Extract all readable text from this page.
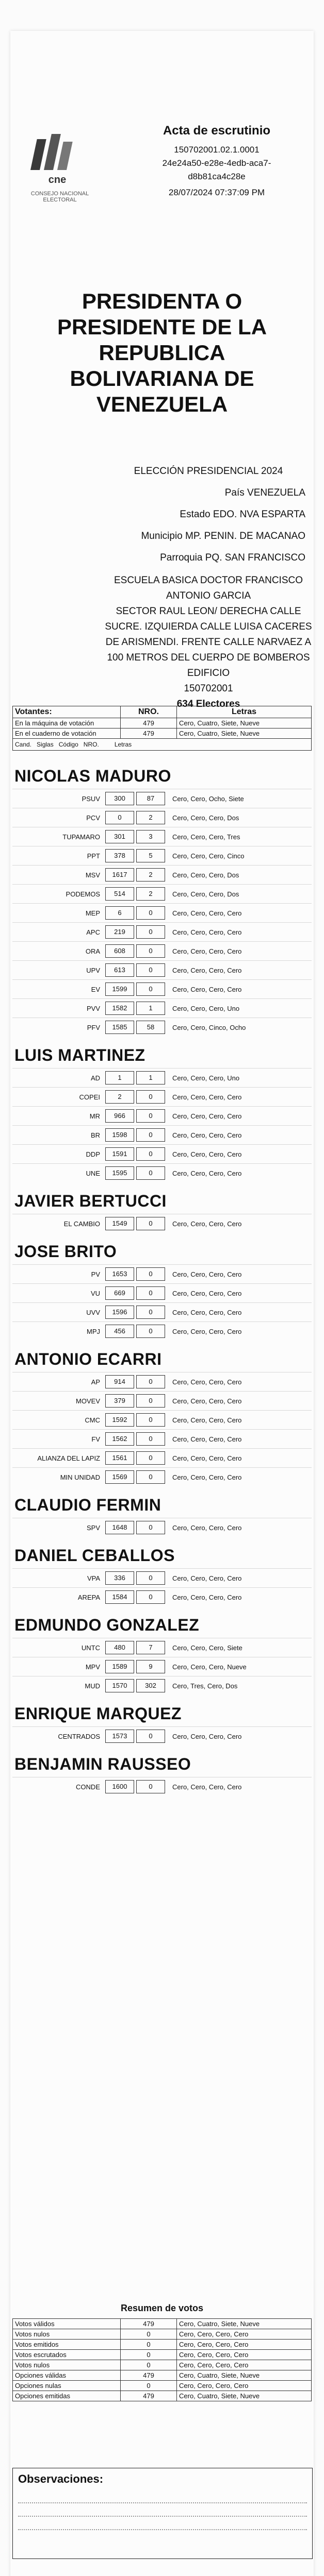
cne
CONSEJO NACIONAL ELECTORAL
Acta de escrutinio
150702001.02.1.0001
24e24a50-e28e-4edb-aca7-
d8b81ca4c28e
28/07/2024 07:37:09 PM
PRESIDENTA O
PRESIDENTE DE LA
REPUBLICA
BOLIVARIANA DE
VENEZUELA
ELECCIÓN PRESIDENCIAL 2024
País VENEZUELA
Estado EDO. NVA ESPARTA
Municipio MP. PENIN. DE MACANAO
Parroquia PQ. SAN FRANCISCO
ESCUELA BASICA DOCTOR FRANCISCO ANTONIO GARCIA
SECTOR RAUL LEON/ DERECHA CALLE SUCRE. IZQUIERDA CALLE LUISA CACERES DE ARISMENDI. FRENTE CALLE NARVAEZ A 100 METROS DEL CUERPO DE BOMBEROS EDIFICIO
150702001
634 Electores
Votantes:	NRO.	Letras
En la máquina de votación	479	Cero, Cuatro, Siete, Nueve
En el cuaderno de votación	479	Cero, Cuatro, Siete, Nueve
Cand. Siglas Código NRO. Letras		
NICOLAS MADURO
PSUV	300	87	Cero, Cero, Ocho, Siete
PCV	0	2	Cero, Cero, Cero, Dos
TUPAMARO	301	3	Cero, Cero, Cero, Tres
PPT	378	5	Cero, Cero, Cero, Cinco
MSV	1617	2	Cero, Cero, Cero, Dos
PODEMOS	514	2	Cero, Cero, Cero, Dos
MEP	6	0	Cero, Cero, Cero, Cero
APC	219	0	Cero, Cero, Cero, Cero
ORA	608	0	Cero, Cero, Cero, Cero
UPV	613	0	Cero, Cero, Cero, Cero
EV	1599	0	Cero, Cero, Cero, Cero
PVV	1582	1	Cero, Cero, Cero, Uno
PFV	1585	58	Cero, Cero, Cinco, Ocho
LUIS MARTINEZ
AD	1	1	Cero, Cero, Cero, Uno
COPEI	2	0	Cero, Cero, Cero, Cero
MR	966	0	Cero, Cero, Cero, Cero
BR	1598	0	Cero, Cero, Cero, Cero
DDP	1591	0	Cero, Cero, Cero, Cero
UNE	1595	0	Cero, Cero, Cero, Cero
JAVIER BERTUCCI
EL CAMBIO	1549	0	Cero, Cero, Cero, Cero
JOSE BRITO
PV	1653	0	Cero, Cero, Cero, Cero
VU	669	0	Cero, Cero, Cero, Cero
UVV	1596	0	Cero, Cero, Cero, Cero
MPJ	456	0	Cero, Cero, Cero, Cero
ANTONIO ECARRI
AP	914	0	Cero, Cero, Cero, Cero
MOVEV	379	0	Cero, Cero, Cero, Cero
CMC	1592	0	Cero, Cero, Cero, Cero
FV	1562	0	Cero, Cero, Cero, Cero
ALIANZA DEL LAPIZ	1561	0	Cero, Cero, Cero, Cero
MIN UNIDAD	1569	0	Cero, Cero, Cero, Cero
CLAUDIO FERMIN
SPV	1648	0	Cero, Cero, Cero, Cero
DANIEL CEBALLOS
VPA	336	0	Cero, Cero, Cero, Cero
AREPA	1584	0	Cero, Cero, Cero, Cero
EDMUNDO GONZALEZ
UNTC	480	7	Cero, Cero, Cero, Siete
MPV	1589	9	Cero, Cero, Cero, Nueve
MUD	1570	302	Cero, Tres, Cero, Dos
ENRIQUE MARQUEZ
CENTRADOS	1573	0	Cero, Cero, Cero, Cero
BENJAMIN RAUSSEO
CONDE	1600	0	Cero, Cero, Cero, Cero
Resumen de votos
Votos válidos	479	Cero, Cuatro, Siete, Nueve
Votos nulos	0	Cero, Cero, Cero, Cero
Votos emitidos	0	Cero, Cero, Cero, Cero
Votos escrutados	0	Cero, Cero, Cero, Cero
Votos nulos	0	Cero, Cero, Cero, Cero
Opciones válidas	479	Cero, Cuatro, Siete, Nueve
Opciones nulas	0	Cero, Cero, Cero, Cero
Opciones emitidas	479	Cero, Cuatro, Siete, Nueve
Observaciones:
